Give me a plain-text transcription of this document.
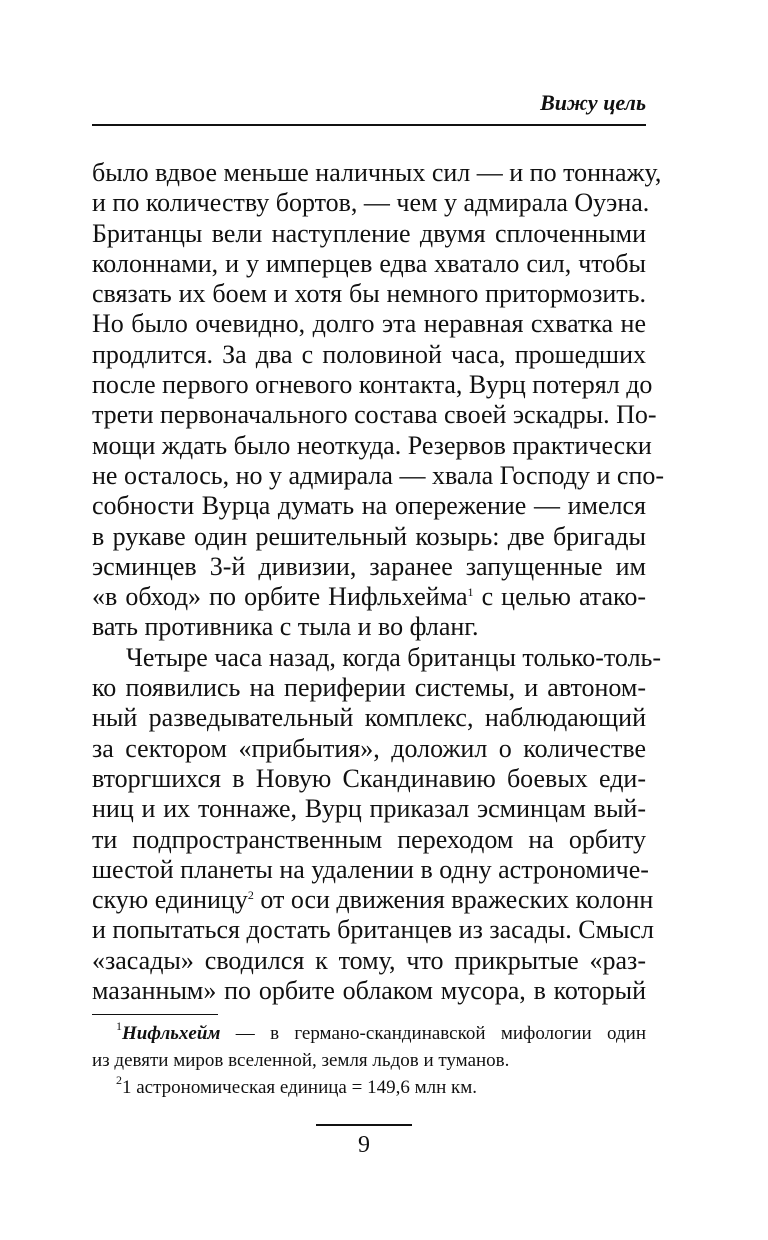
Вижу цель
было вдвое меньше наличных сил — и по тоннажу,
и по количеству бортов, — чем у адмирала Оуэна.
Британцы вели наступление двумя сплоченными
колоннами, и у имперцев едва хватало сил, чтобы
связать их боем и хотя бы немного притормозить.
Но было очевидно, долго эта неравная схватка не
продлится. За два с половиной часа, прошедших
после первого огневого контакта, Вурц потерял до
трети первоначального состава своей эскадры. По-
мощи ждать было неоткуда. Резервов практически
не осталось, но у адмирала — хвала Господу и спо-
собности Вурца думать на опережение — имелся
в рукаве один решительный козырь: две бригады
эсминцев 3-й дивизии, заранее запущенные им
«в обход» по орбите Нифльхейма$^1$ с целью атако-
вать противника с тыла и во фланг.
Четыре часа назад, когда британцы только-толь-
ко появились на периферии системы, и автоном-
ный разведывательный комплекс, наблюдающий
за сектором «прибытия», доложил о количестве
вторгшихся в Новую Скандинавию боевых еди-
ниц и их тоннаже, Вурц приказал эсминцам вый-
ти подпространственным переходом на орбиту
шестой планеты на удалении в одну астрономиче-
скую единицу$^2$ от оси движения вражеских колонн
и попытаться достать британцев из засады. Смысл
«засады» сводился к тому, что прикрытые «раз-
мазанным» по орбите облаком мусора, в который
$^1$Нифльхейм — в германо-скандинавской мифологии один
из девяти миров вселенной, земля льдов и туманов.
$^2$1 астрономическая единица = 149,6 млн км.
9
